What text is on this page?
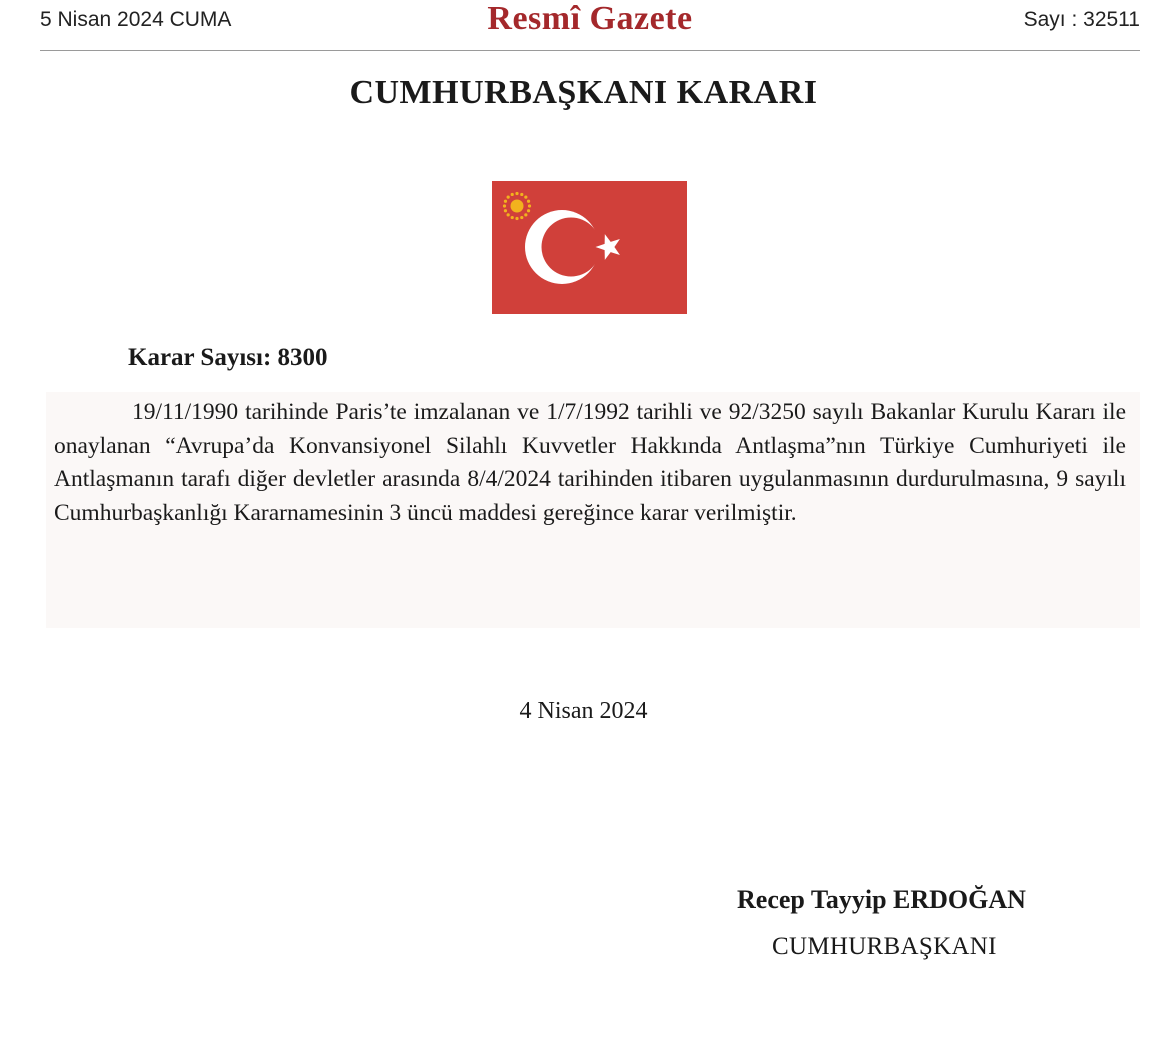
5 Nisan 2024 CUMA	Resmî Gazete	Sayı : 32511
CUMHURBAŞKANI KARARI
Karar Sayısı: 8300

19/11/1990 tarihinde Paris’te imzalanan ve 1/7/1992 tarihli ve 92/3250 sayılı Bakanlar Kurulu Kararı ile onaylanan “Avrupa’da Konvansiyonel Silahlı Kuvvetler Hakkında Antlaşma”nın Türkiye Cumhuriyeti ile Antlaşmanın tarafı diğer devletler arasında 8/4/2024 tarihinden itibaren uygulanmasının durdurulmasına, 9 sayılı Cumhurbaşkanlığı Kararnamesinin 3 üncü maddesi gereğince karar verilmiştir.

4 Nisan 2024
Recep Tayyip ERDOĞAN
CUMHURBAŞKANI
